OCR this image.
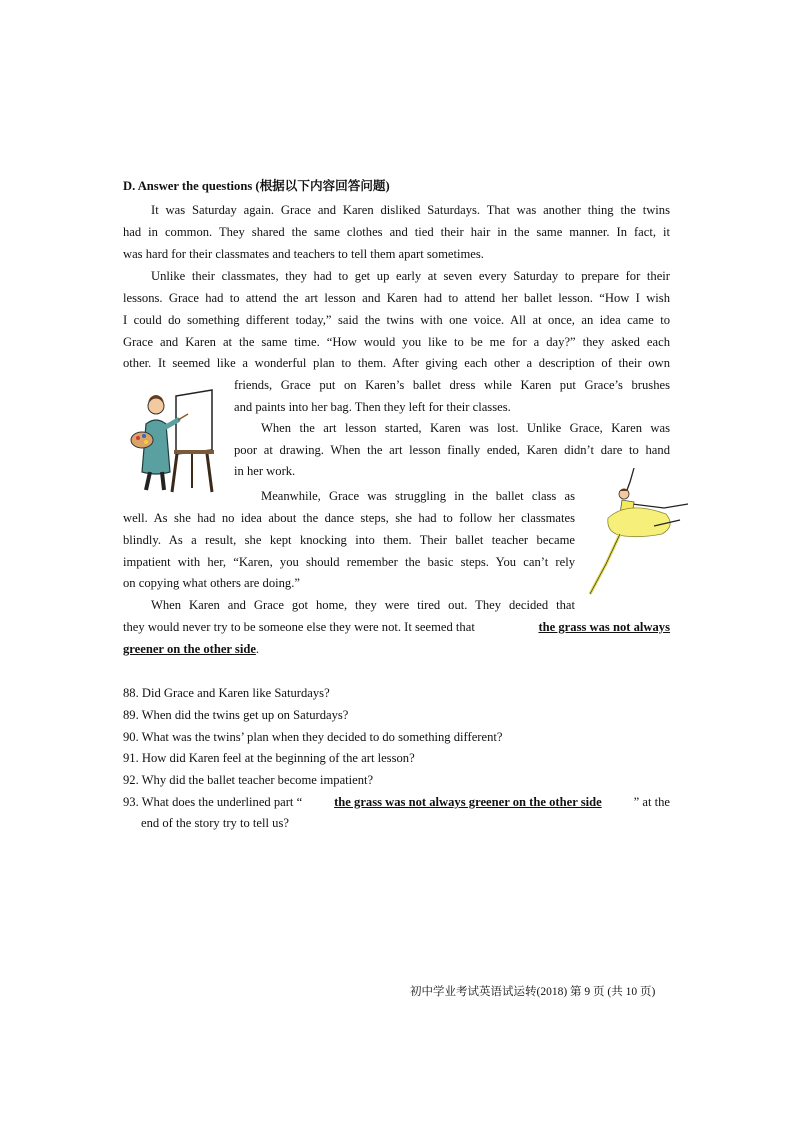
D. Answer the questions (根据以下内容回答问题)
It was Saturday again. Grace and Karen disliked Saturdays. That was another thing the twins
had in common. They shared the same clothes and tied their hair in the same manner. In fact, it
was hard for their classmates and teachers to tell them apart sometimes.
Unlike their classmates, they had to get up early at seven every Saturday to prepare for their
lessons. Grace had to attend the art lesson and Karen had to attend her ballet lesson. “How I wish
I could do something different today,” said the twins with one voice. All at once, an idea came to
Grace and Karen at the same time. “How would you like to be me for a day?” they asked each
other. It seemed like a wonderful plan to them. After giving each other a description of their own
friends, Grace put on Karen’s ballet dress while Karen put Grace’s brushes
and paints into her bag. Then they left for their classes.
When the art lesson started, Karen was lost. Unlike Grace, Karen was
poor at drawing. When the art lesson finally ended, Karen didn’t dare to hand
in her work.
Meanwhile, Grace was struggling in the ballet class as
well. As she had no idea about the dance steps, she had to follow her classmates
blindly. As a result, she kept knocking into them. Their ballet teacher became
impatient with her, “Karen, you should remember the basic steps. You can’t rely
on copying what others are doing.”
When Karen and Grace got home, they were tired out. They decided that
they would never try to be someone else they were not. It seemed that	the grass was not always
greener on the other side.
88. Did Grace and Karen like Saturdays?
89. When did the twins get up on Saturdays?
90. What was the twins’ plan when they decided to do something different?
91. How did Karen feel at the beginning of the art lesson?
92. Why did the ballet teacher become impatient?
93. What does the underlined part “	the grass was not always greener on the other side	” at the
end of the story try to tell us?
初中学业考试英语试运转(2018) 第 9 页 (共 10 页)
